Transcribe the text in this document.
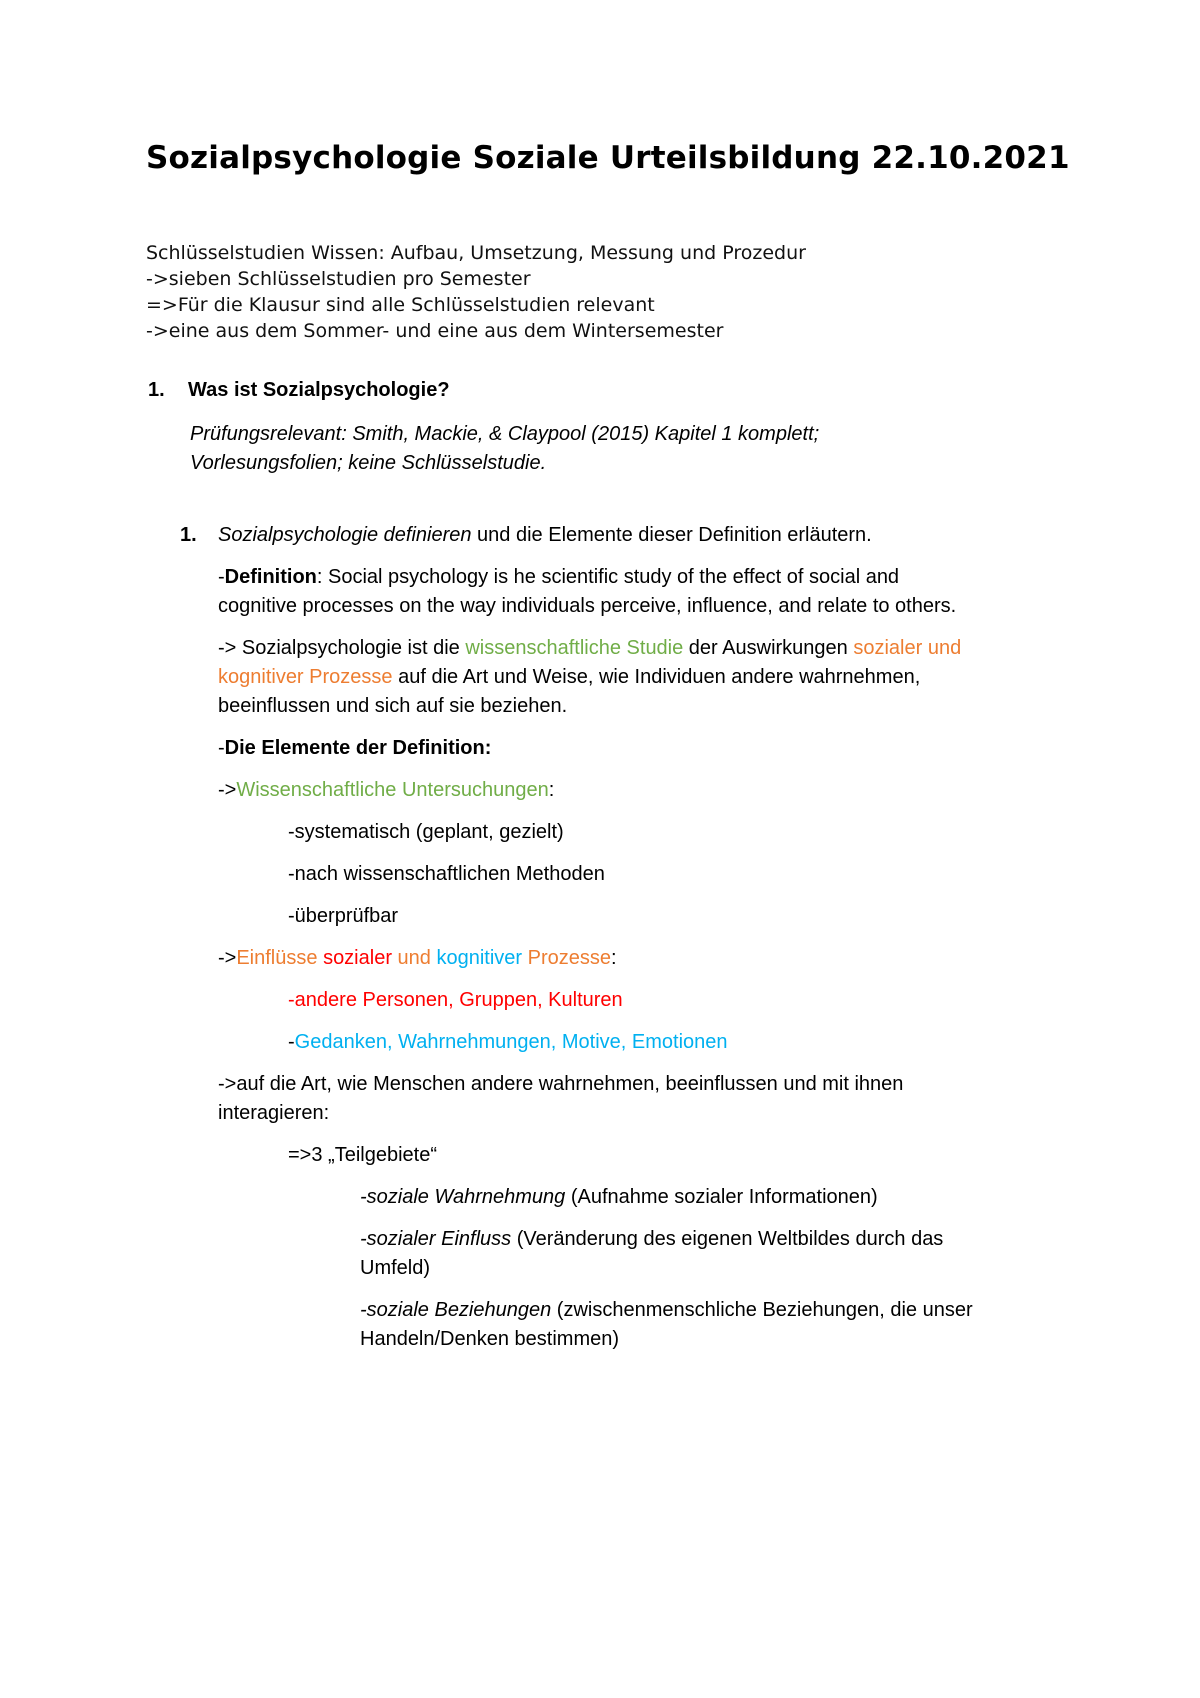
Sozialpsychologie Soziale Urteilsbildung 22.10.2021
Schlüsselstudien Wissen: Aufbau, Umsetzung, Messung und Prozedur
->sieben Schlüsselstudien pro Semester
=>Für die Klausur sind alle Schlüsselstudien relevant
->eine aus dem Sommer- und eine aus dem Wintersemester
1. Was ist Sozialpsychologie?
Prüfungsrelevant: Smith, Mackie, & Claypool (2015) Kapitel 1 komplett;
Vorlesungsfolien; keine Schlüsselstudie.
1. Sozialpsychologie definieren und die Elemente dieser Definition erläutern.
-Definition: Social psychology is he scientific study of the effect of social and
cognitive processes on the way individuals perceive, influence, and relate to others.
-> Sozialpsychologie ist die wissenschaftliche Studie der Auswirkungen sozialer und
kognitiver Prozesse auf die Art und Weise, wie Individuen andere wahrnehmen,
beeinflussen und sich auf sie beziehen.
-Die Elemente der Definition:
->Wissenschaftliche Untersuchungen:
-systematisch (geplant, gezielt)
-nach wissenschaftlichen Methoden
-überprüfbar
->Einflüsse sozialer und kognitiver Prozesse:
-andere Personen, Gruppen, Kulturen
-Gedanken, Wahrnehmungen, Motive, Emotionen
->auf die Art, wie Menschen andere wahrnehmen, beeinflussen und mit ihnen
interagieren:
=>3 „Teilgebiete“
-soziale Wahrnehmung (Aufnahme sozialer Informationen)
-sozialer Einfluss (Veränderung des eigenen Weltbildes durch das
Umfeld)
-soziale Beziehungen (zwischenmenschliche Beziehungen, die unser
Handeln/Denken bestimmen)
